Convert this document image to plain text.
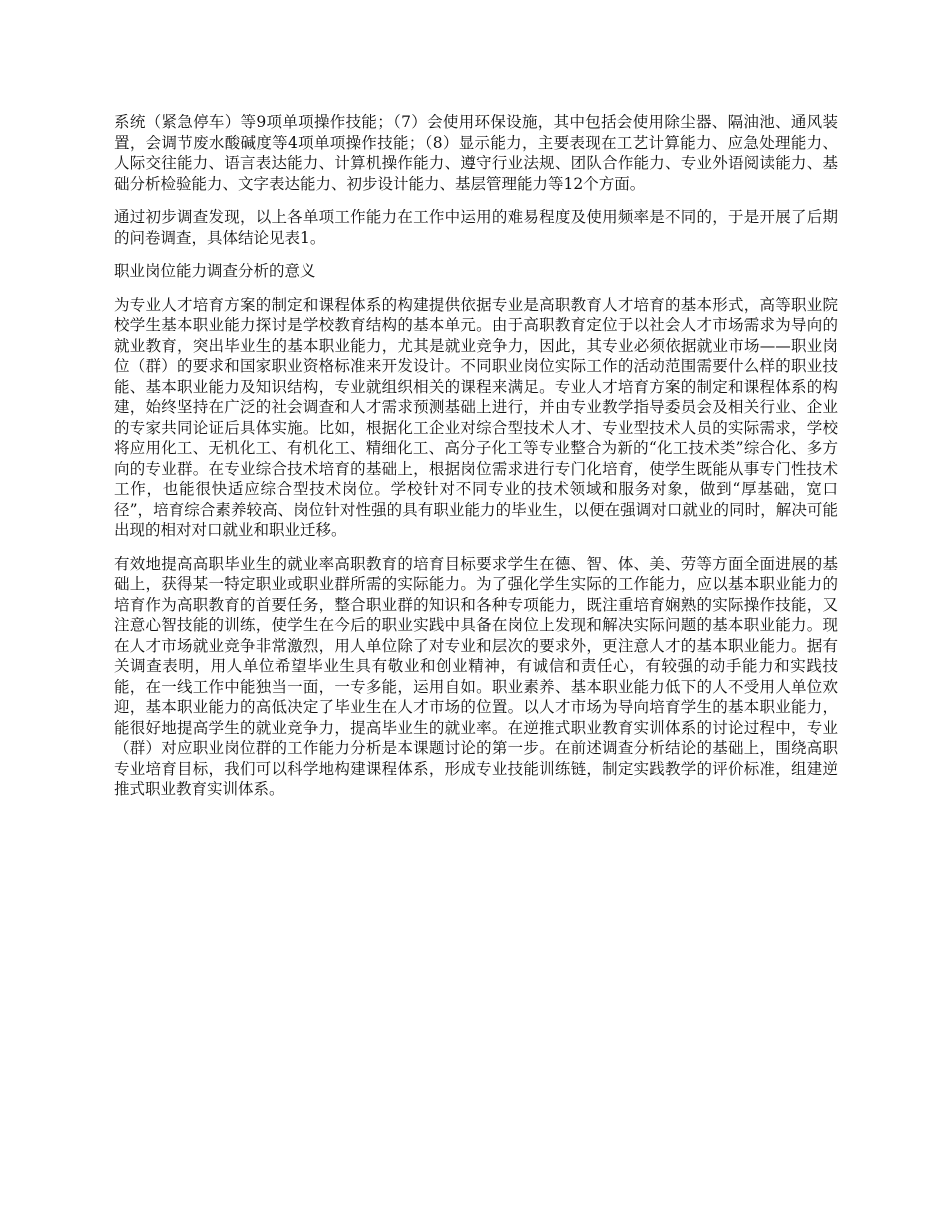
系统（紧急停车）等9项单项操作技能；（7）会使用环保设施，其中包括会使用除尘器、隔油池、通风装置，会调节废水酸碱度等4项单项操作技能；（8）显示能力，主要表现在工艺计算能力、应急处理能力、人际交往能力、语言表达能力、计算机操作能力、遵守行业法规、团队合作能力、专业外语阅读能力、基础分析检验能力、文字表达能力、初步设计能力、基层管理能力等12个方面。

通过初步调查发现，以上各单项工作能力在工作中运用的难易程度及使用频率是不同的，于是开展了后期的问卷调查，具体结论见表1。

职业岗位能力调查分析的意义

为专业人才培育方案的制定和课程体系的构建提供依据专业是高职教育人才培育的基本形式，高等职业院校学生基本职业能力探讨是学校教育结构的基本单元。由于高职教育定位于以社会人才市场需求为导向的就业教育，突出毕业生的基本职业能力，尤其是就业竞争力，因此，其专业必须依据就业市场——职业岗位（群）的要求和国家职业资格标准来开发设计。不同职业岗位实际工作的活动范围需要什么样的职业技能、基本职业能力及知识结构，专业就组织相关的课程来满足。专业人才培育方案的制定和课程体系的构建，始终坚持在广泛的社会调查和人才需求预测基础上进行，并由专业教学指导委员会及相关行业、企业的专家共同论证后具体实施。比如，根据化工企业对综合型技术人才、专业型技术人员的实际需求，学校将应用化工、无机化工、有机化工、精细化工、高分子化工等专业整合为新的“化工技术类”综合化、多方向的专业群。在专业综合技术培育的基础上，根据岗位需求进行专门化培育，使学生既能从事专门性技术工作，也能很快适应综合型技术岗位。学校针对不同专业的技术领域和服务对象，做到“厚基础，宽口径”，培育综合素养较高、岗位针对性强的具有职业能力的毕业生，以便在强调对口就业的同时，解决可能出现的相对对口就业和职业迁移。

有效地提高高职毕业生的就业率高职教育的培育目标要求学生在德、智、体、美、劳等方面全面进展的基础上，获得某一特定职业或职业群所需的实际能力。为了强化学生实际的工作能力，应以基本职业能力的培育作为高职教育的首要任务，整合职业群的知识和各种专项能力，既注重培育娴熟的实际操作技能，又注意心智技能的训练，使学生在今后的职业实践中具备在岗位上发现和解决实际问题的基本职业能力。现在人才市场就业竞争非常激烈，用人单位除了对专业和层次的要求外，更注意人才的基本职业能力。据有关调查表明，用人单位希望毕业生具有敬业和创业精神，有诚信和责任心，有较强的动手能力和实践技能，在一线工作中能独当一面，一专多能，运用自如。职业素养、基本职业能力低下的人不受用人单位欢迎，基本职业能力的高低决定了毕业生在人才市场的位置。以人才市场为导向培育学生的基本职业能力，能很好地提高学生的就业竞争力，提高毕业生的就业率。在逆推式职业教育实训体系的讨论过程中，专业（群）对应职业岗位群的工作能力分析是本课题讨论的第一步。在前述调查分析结论的基础上，围绕高职专业培育目标，我们可以科学地构建课程体系，形成专业技能训练链，制定实践教学的评价标准，组建逆推式职业教育实训体系。
